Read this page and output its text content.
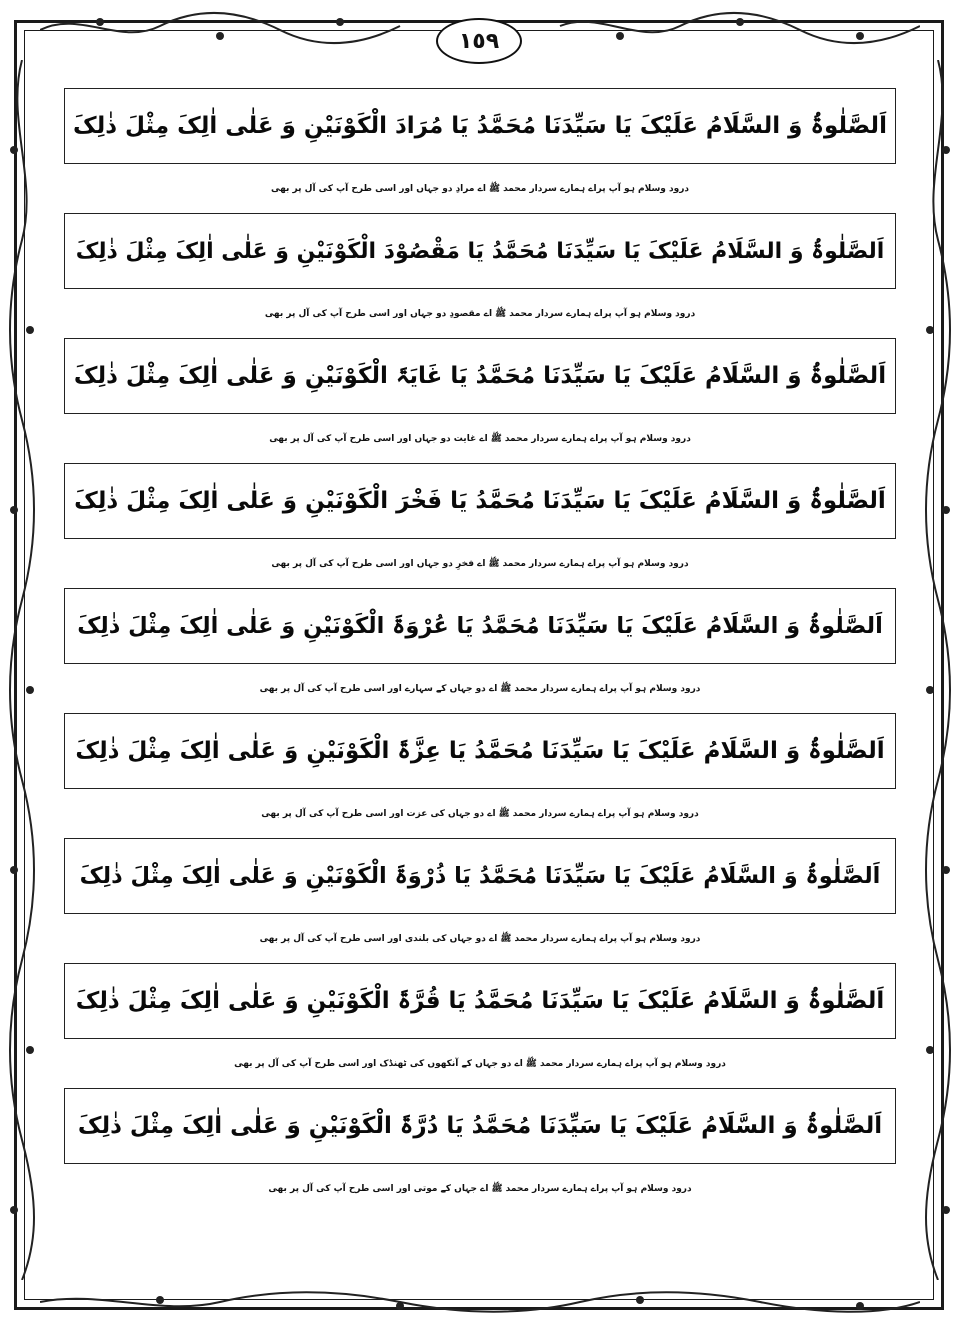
١٥٩
اَلصَّلٰوۃُ وَ السَّلَامُ عَلَیْکَ یَا سَیِّدَنَا مُحَمَّدُ یَا مُرَادَ الْکَوْنَیْنِ وَ عَلٰی اٰلِکَ مِثْلَ ذٰلِکَ
درود وسلام ہو آپ پراے ہمارے سردار محمد ﷺ اے مرادِ دو جہاں اور اسی طرح آپ کی آل پر بھی
اَلصَّلٰوۃُ وَ السَّلَامُ عَلَیْکَ یَا سَیِّدَنَا مُحَمَّدُ یَا مَقْصُوْدَ الْکَوْنَیْنِ وَ عَلٰی اٰلِکَ مِثْلَ ذٰلِکَ
درود وسلام ہو آپ پراے ہمارے سردار محمد ﷺ اے مقصودِ دو جہاں اور اسی طرح آپ کی آل پر بھی
اَلصَّلٰوۃُ وَ السَّلَامُ عَلَیْکَ یَا سَیِّدَنَا مُحَمَّدُ یَا غَایَۃَ الْکَوْنَیْنِ وَ عَلٰی اٰلِکَ مِثْلَ ذٰلِکَ
درود وسلام ہو آپ پراے ہمارے سردار محمد ﷺ اے غایت دو جہاں اور اسی طرح آپ کی آل پر بھی
اَلصَّلٰوۃُ وَ السَّلَامُ عَلَیْکَ یَا سَیِّدَنَا مُحَمَّدُ یَا فَخْرَ الْکَوْنَیْنِ وَ عَلٰی اٰلِکَ مِثْلَ ذٰلِکَ
درود وسلام ہو آپ پراے ہمارے سردار محمد ﷺ اے فخرِ دو جہاں اور اسی طرح آپ کی آل پر بھی
اَلصَّلٰوۃُ وَ السَّلَامُ عَلَیْکَ یَا سَیِّدَنَا مُحَمَّدُ یَا عُرْوَۃَ الْکَوْنَیْنِ وَ عَلٰی اٰلِکَ مِثْلَ ذٰلِکَ
درود وسلام ہو آپ پراے ہمارے سردار محمد ﷺ اے دو جہاں کے سہارے اور اسی طرح آپ کی آل پر بھی
اَلصَّلٰوۃُ وَ السَّلَامُ عَلَیْکَ یَا سَیِّدَنَا مُحَمَّدُ یَا عِزَّۃَ الْکَوْنَیْنِ وَ عَلٰی اٰلِکَ مِثْلَ ذٰلِکَ
درود وسلام ہو آپ پراے ہمارے سردار محمد ﷺ اے دو جہاں کی عزت اور اسی طرح آپ کی آل پر بھی
اَلصَّلٰوۃُ وَ السَّلَامُ عَلَیْکَ یَا سَیِّدَنَا مُحَمَّدُ یَا ذُرْوَۃَ الْکَوْنَیْنِ وَ عَلٰی اٰلِکَ مِثْلَ ذٰلِکَ
درود وسلام ہو آپ پراے ہمارے سردار محمد ﷺ اے دو جہاں کی بلندی اور اسی طرح آپ کی آل پر بھی
اَلصَّلٰوۃُ وَ السَّلَامُ عَلَیْکَ یَا سَیِّدَنَا مُحَمَّدُ یَا قُرَّۃَ الْکَوْنَیْنِ وَ عَلٰی اٰلِکَ مِثْلَ ذٰلِکَ
درود وسلام ہو آپ پراے ہمارے سردار محمد ﷺ اے دو جہاں کے آنکھوں کی ٹھنڈک اور اسی طرح آپ کی آل پر بھی
اَلصَّلٰوۃُ وَ السَّلَامُ عَلَیْکَ یَا سَیِّدَنَا مُحَمَّدُ یَا دُرَّۃَ الْکَوْنَیْنِ وَ عَلٰی اٰلِکَ مِثْلَ ذٰلِکَ
درود وسلام ہو آپ پراے ہمارے سردار محمد ﷺ اے جہاں کے موتی اور اسی طرح آپ کی آل پر بھی
